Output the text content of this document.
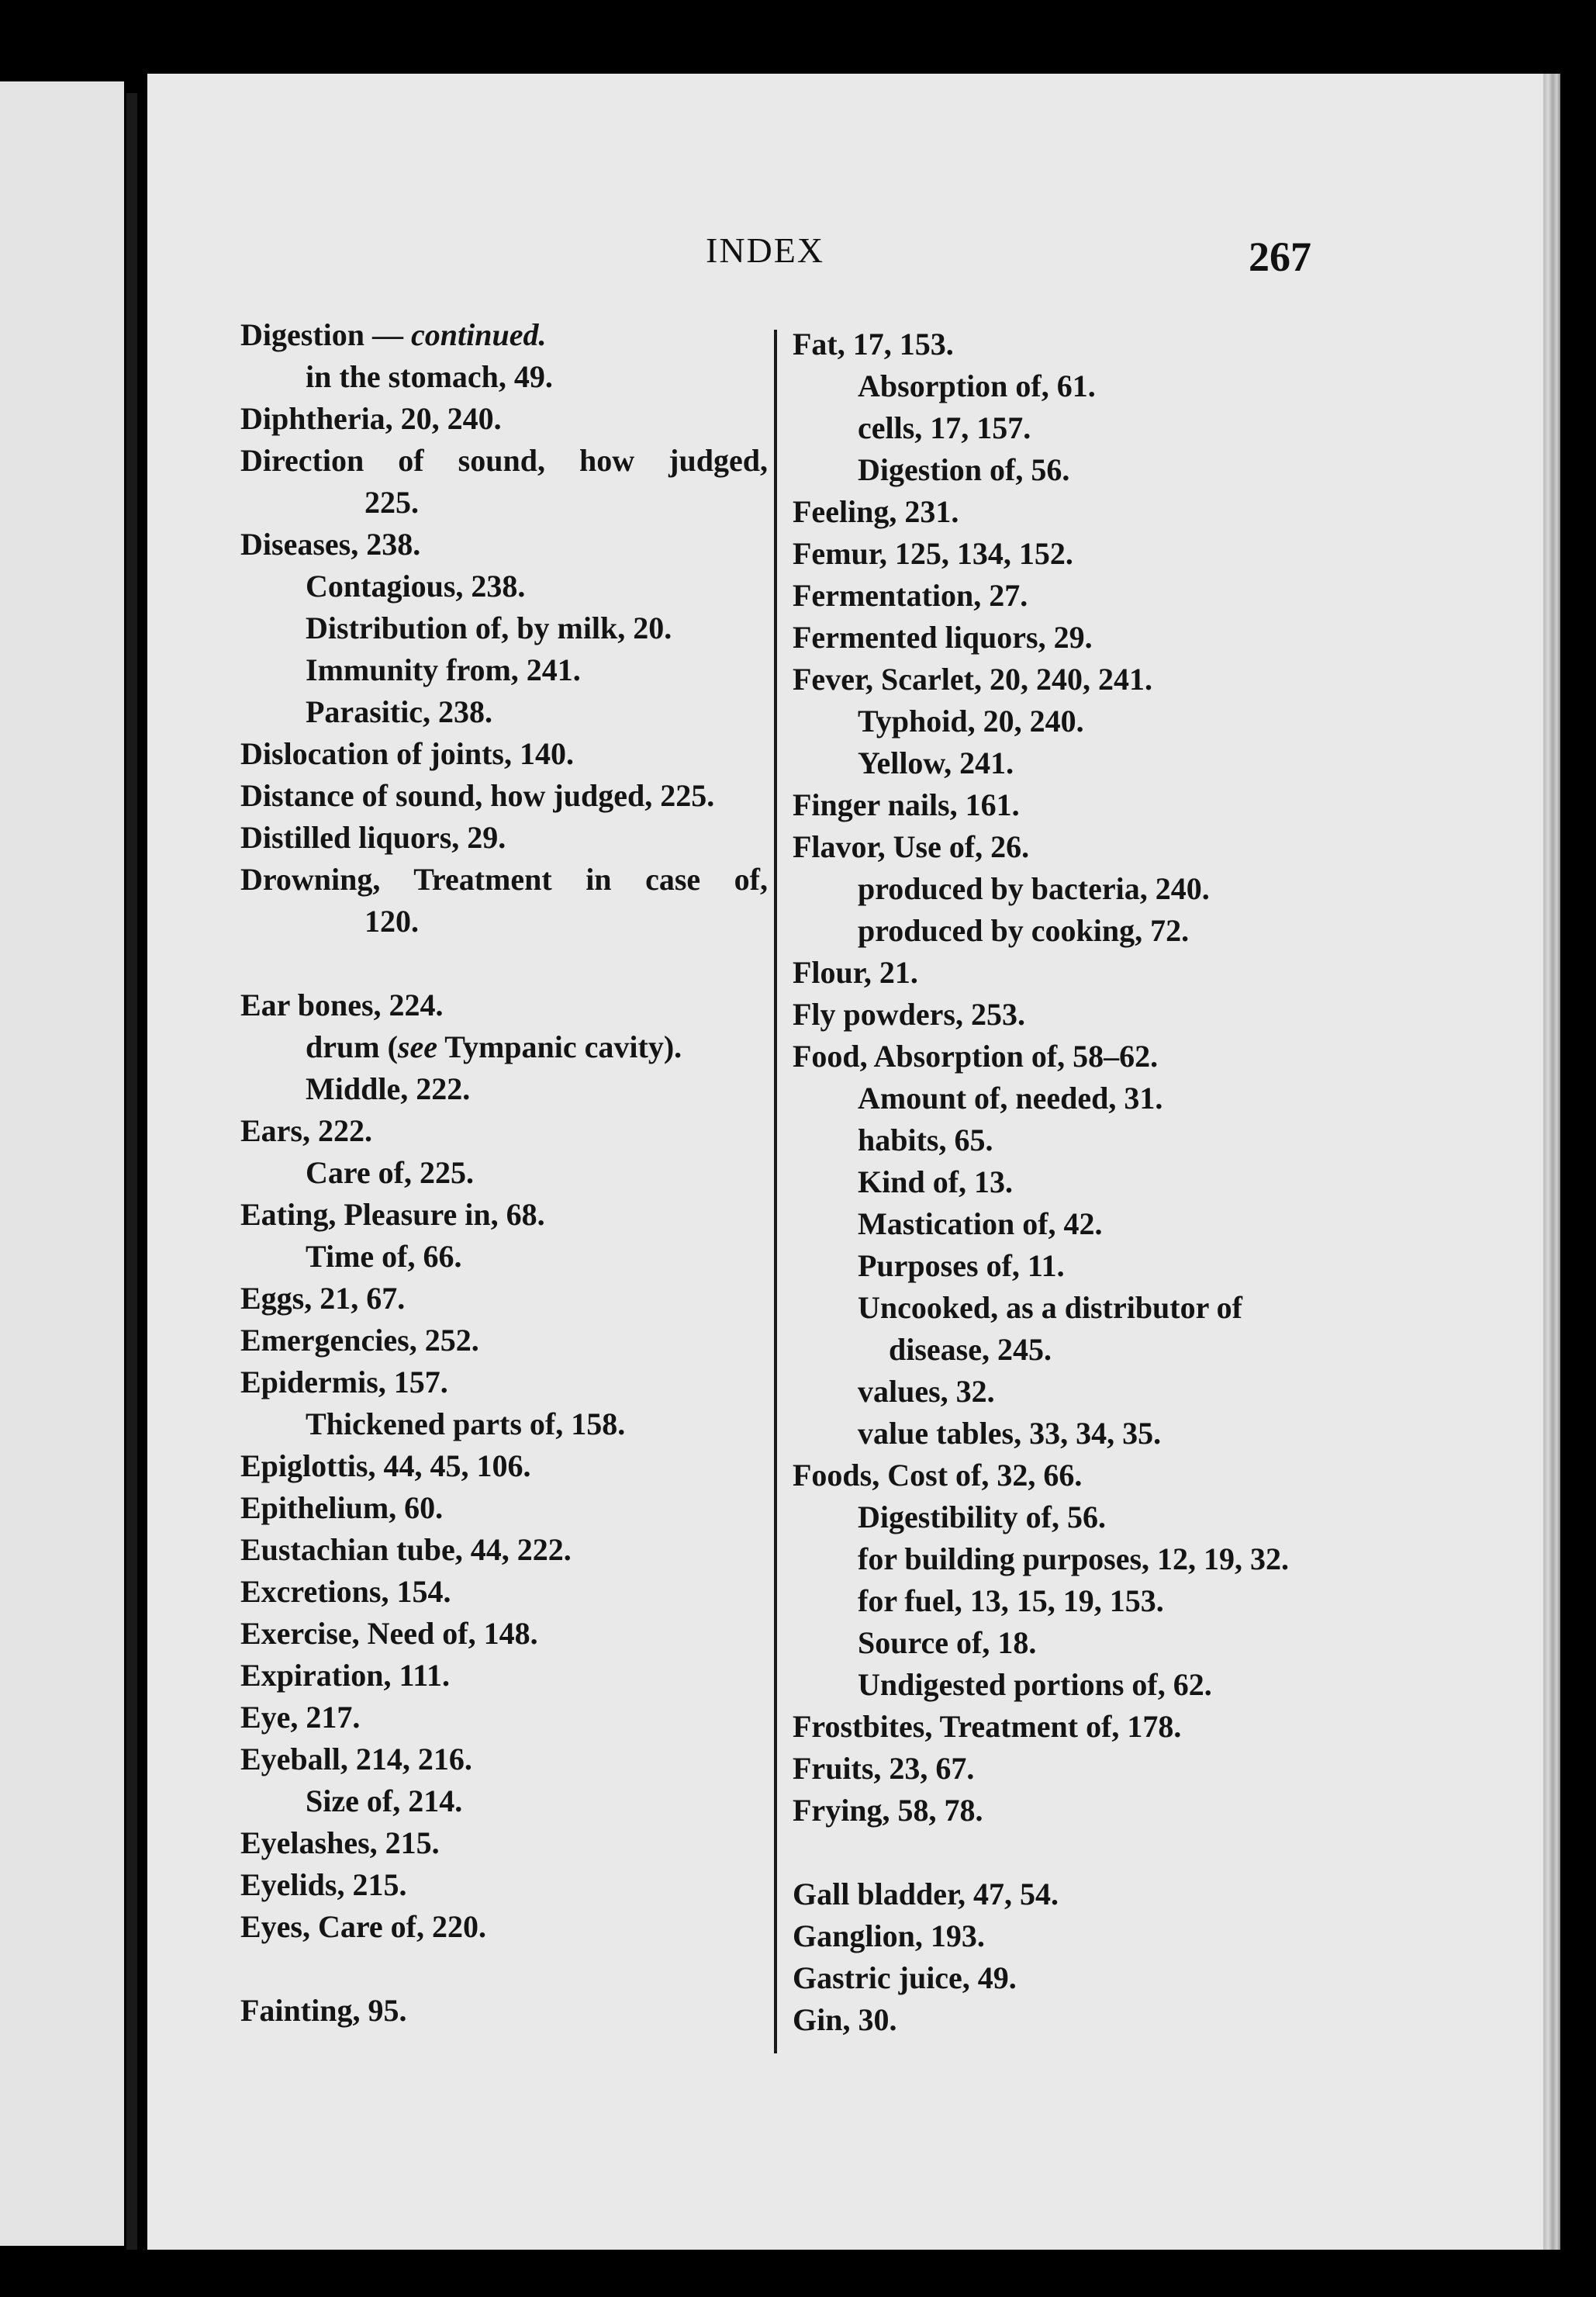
INDEX	267
Digestion — continued.
in the stomach, 49.
Diphtheria, 20, 240.
Direction of sound, how judged,
225.
Diseases, 238.
Contagious, 238.
Distribution of, by milk, 20.
Immunity from, 241.
Parasitic, 238.
Dislocation of joints, 140.
Distance of sound, how judged, 225.
Distilled liquors, 29.
Drowning, Treatment in case of,
120.
Ear bones, 224.
drum (see Tympanic cavity).
Middle, 222.
Ears, 222.
Care of, 225.
Eating, Pleasure in, 68.
Time of, 66.
Eggs, 21, 67.
Emergencies, 252.
Epidermis, 157.
Thickened parts of, 158.
Epiglottis, 44, 45, 106.
Epithelium, 60.
Eustachian tube, 44, 222.
Excretions, 154.
Exercise, Need of, 148.
Expiration, 111.
Eye, 217.
Eyeball, 214, 216.
Size of, 214.
Eyelashes, 215.
Eyelids, 215.
Eyes, Care of, 220.
Fainting, 95.
Fat, 17, 153.
Absorption of, 61.
cells, 17, 157.
Digestion of, 56.
Feeling, 231.
Femur, 125, 134, 152.
Fermentation, 27.
Fermented liquors, 29.
Fever, Scarlet, 20, 240, 241.
Typhoid, 20, 240.
Yellow, 241.
Finger nails, 161.
Flavor, Use of, 26.
produced by bacteria, 240.
produced by cooking, 72.
Flour, 21.
Fly powders, 253.
Food, Absorption of, 58–62.
Amount of, needed, 31.
habits, 65.
Kind of, 13.
Mastication of, 42.
Purposes of, 11.
Uncooked, as a distributor of
disease, 245.
values, 32.
value tables, 33, 34, 35.
Foods, Cost of, 32, 66.
Digestibility of, 56.
for building purposes, 12, 19, 32.
for fuel, 13, 15, 19, 153.
Source of, 18.
Undigested portions of, 62.
Frostbites, Treatment of, 178.
Fruits, 23, 67.
Frying, 58, 78.
Gall bladder, 47, 54.
Ganglion, 193.
Gastric juice, 49.
Gin, 30.
